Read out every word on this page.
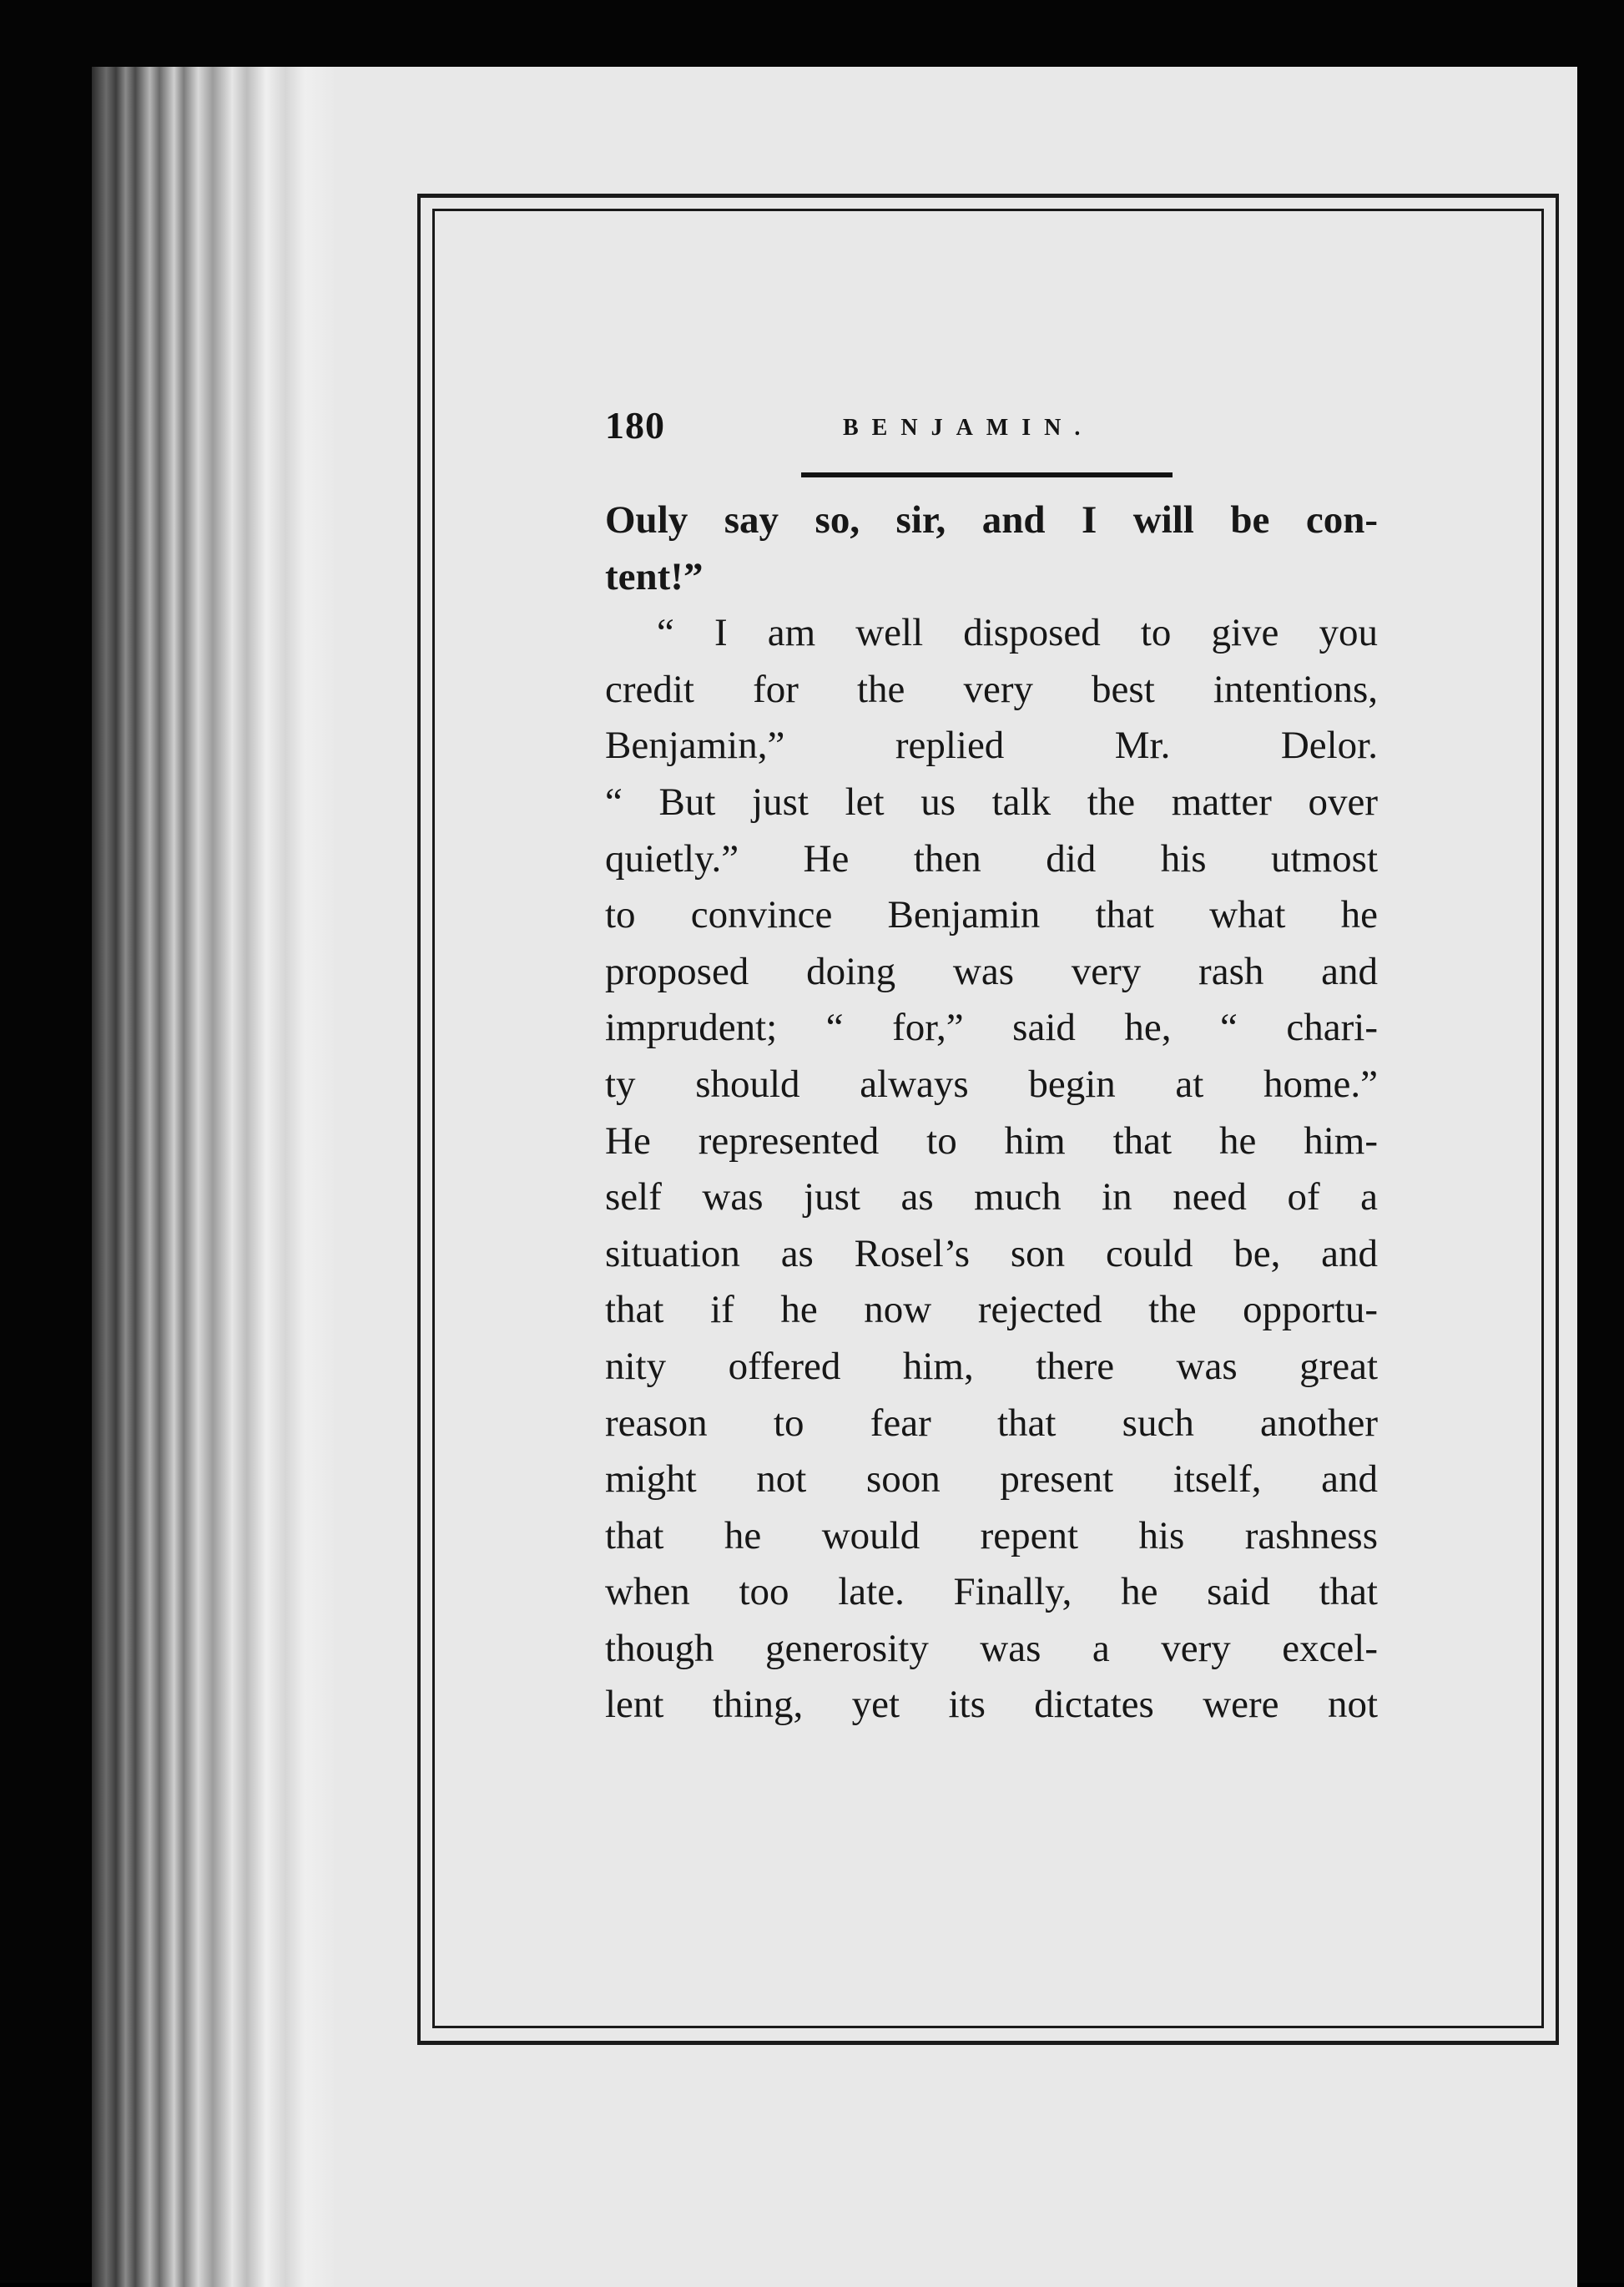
180	BENJAMIN.
Ouly say so, sir, and I will be con-
tent!”
“ I am well disposed to give you
credit for the very best intentions,
Benjamin,” replied Mr. Delor.
“ But just let us talk the matter over
quietly.” He then did his utmost
to convince Benjamin that what he
proposed doing was very rash and
imprudent; “ for,” said he, “ chari-
ty should always begin at home.”
He represented to him that he him-
self was just as much in need of a
situation as Rosel’s son could be, and
that if he now rejected the opportu-
nity offered him, there was great
reason to fear that such another
might not soon present itself, and
that he would repent his rashness
when too late. Finally, he said that
though generosity was a very excel-
lent thing, yet its dictates were not
